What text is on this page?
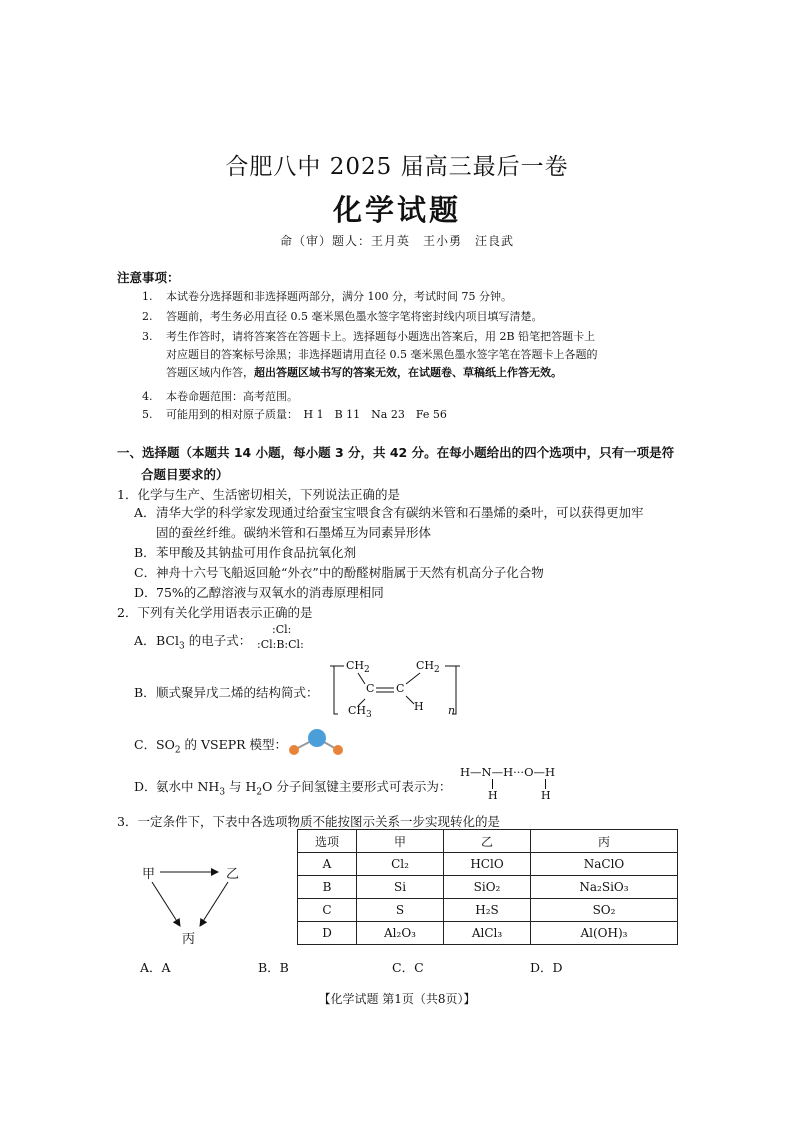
合肥八中 2025 届高三最后一卷
化学试题
命（审）题人：王月英　王小勇　汪良武
注意事项：
1. 本试卷分选择题和非选择题两部分，满分 100 分，考试时间 75 分钟。
2. 答题前，考生务必用直径 0.5 毫米黑色墨水签字笔将密封线内项目填写清楚。
3. 考生作答时，请将答案答在答题卡上。选择题每小题选出答案后，用 2B 铅笔把答题卡上
对应题目的答案标号涂黑；非选择题请用直径 0.5 毫米黑色墨水签字笔在答题卡上各题的
答题区域内作答，超出答题区域书写的答案无效，在试题卷、草稿纸上作答无效。
4. 本卷命题范围：高考范围。
5. 可能用到的相对原子质量：　H 1　B 11　Na 23　Fe 56
一、选择题（本题共 14 小题，每小题 3 分，共 42 分。在每小题给出的四个选项中，只有一项是符
合题目要求的）
1．化学与生产、生活密切相关，下列说法正确的是
A．清华大学的科学家发现通过给蚕宝宝喂食含有碳纳米管和石墨烯的桑叶，可以获得更加牢
固的蚕丝纤维。碳纳米管和石墨烯互为同素异形体
B．苯甲酸及其钠盐可用作食品抗氧化剂
C．神舟十六号飞船返回舱“外衣”中的酚醛树脂属于天然有机高分子化合物
D．75%的乙醇溶液与双氧水的消毒原理相同
2．下列有关化学用语表示正确的是
A．BCl$_3$ 的电子式：
:Cl:
:Cl:B:Cl:
B．顺式聚异戊二烯的结构简式：
$CH_2$	$CH_2$
C C
$CH_3$
H n
C．$SO_2$ 的 VSEPR 模型：
D．氨水中 $NH_3$ 与 $H_2O$ 分子间氢键主要形式可表示为：
H—N—H···O—H
H	H
3．一定条件下，下表中各选项物质不能按图示关系一步实现转化的是
甲	乙
丙
选项	甲	乙	丙
A	Cl₂	HClO	NaClO
B	Si	SiO₂	Na₂SiO₃
C	S	H₂S	SO₂
D	Al₂O₃	AlCl₃	Al(OH)₃
A．A	B．B	C．C	D．D
【化学试题 第1页（共8页）】
